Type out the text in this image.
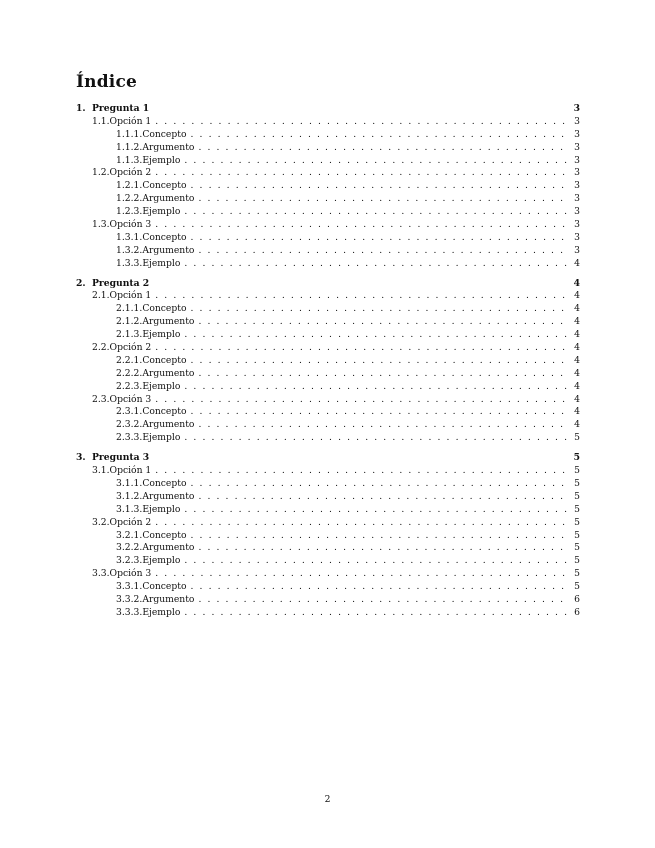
Índice
1. Pregunta 1	3
1.1. Opción 1 . . .	3
1.1.1. Concepto . . .	3
1.1.2. Argumento . . .	3
1.1.3. Ejemplo . . .	3
1.2. Opción 2 . . .	3
1.2.1. Concepto . . .	3
1.2.2. Argumento . . .	3
1.2.3. Ejemplo . . .	3
1.3. Opción 3 . . .	3
1.3.1. Concepto . . .	3
1.3.2. Argumento . . .	3
1.3.3. Ejemplo . . .	4
2. Pregunta 2	4
2.1. Opción 1 . . .	4
2.1.1. Concepto . . .	4
2.1.2. Argumento . . .	4
2.1.3. Ejemplo . . .	4
2.2. Opción 2 . . .	4
2.2.1. Concepto . . .	4
2.2.2. Argumento . . .	4
2.2.3. Ejemplo . . .	4
2.3. Opción 3 . . .	4
2.3.1. Concepto . . .	4
2.3.2. Argumento . . .	4
2.3.3. Ejemplo . . .	5
3. Pregunta 3	5
3.1. Opción 1 . . .	5
3.1.1. Concepto . . .	5
3.1.2. Argumento . . .	5
3.1.3. Ejemplo . . .	5
3.2. Opción 2 . . .	5
3.2.1. Concepto . . .	5
3.2.2. Argumento . . .	5
3.2.3. Ejemplo . . .	5
3.3. Opción 3 . . .	5
3.3.1. Concepto . . .	5
3.3.2. Argumento . . .	6
3.3.3. Ejemplo . . .	6
2
